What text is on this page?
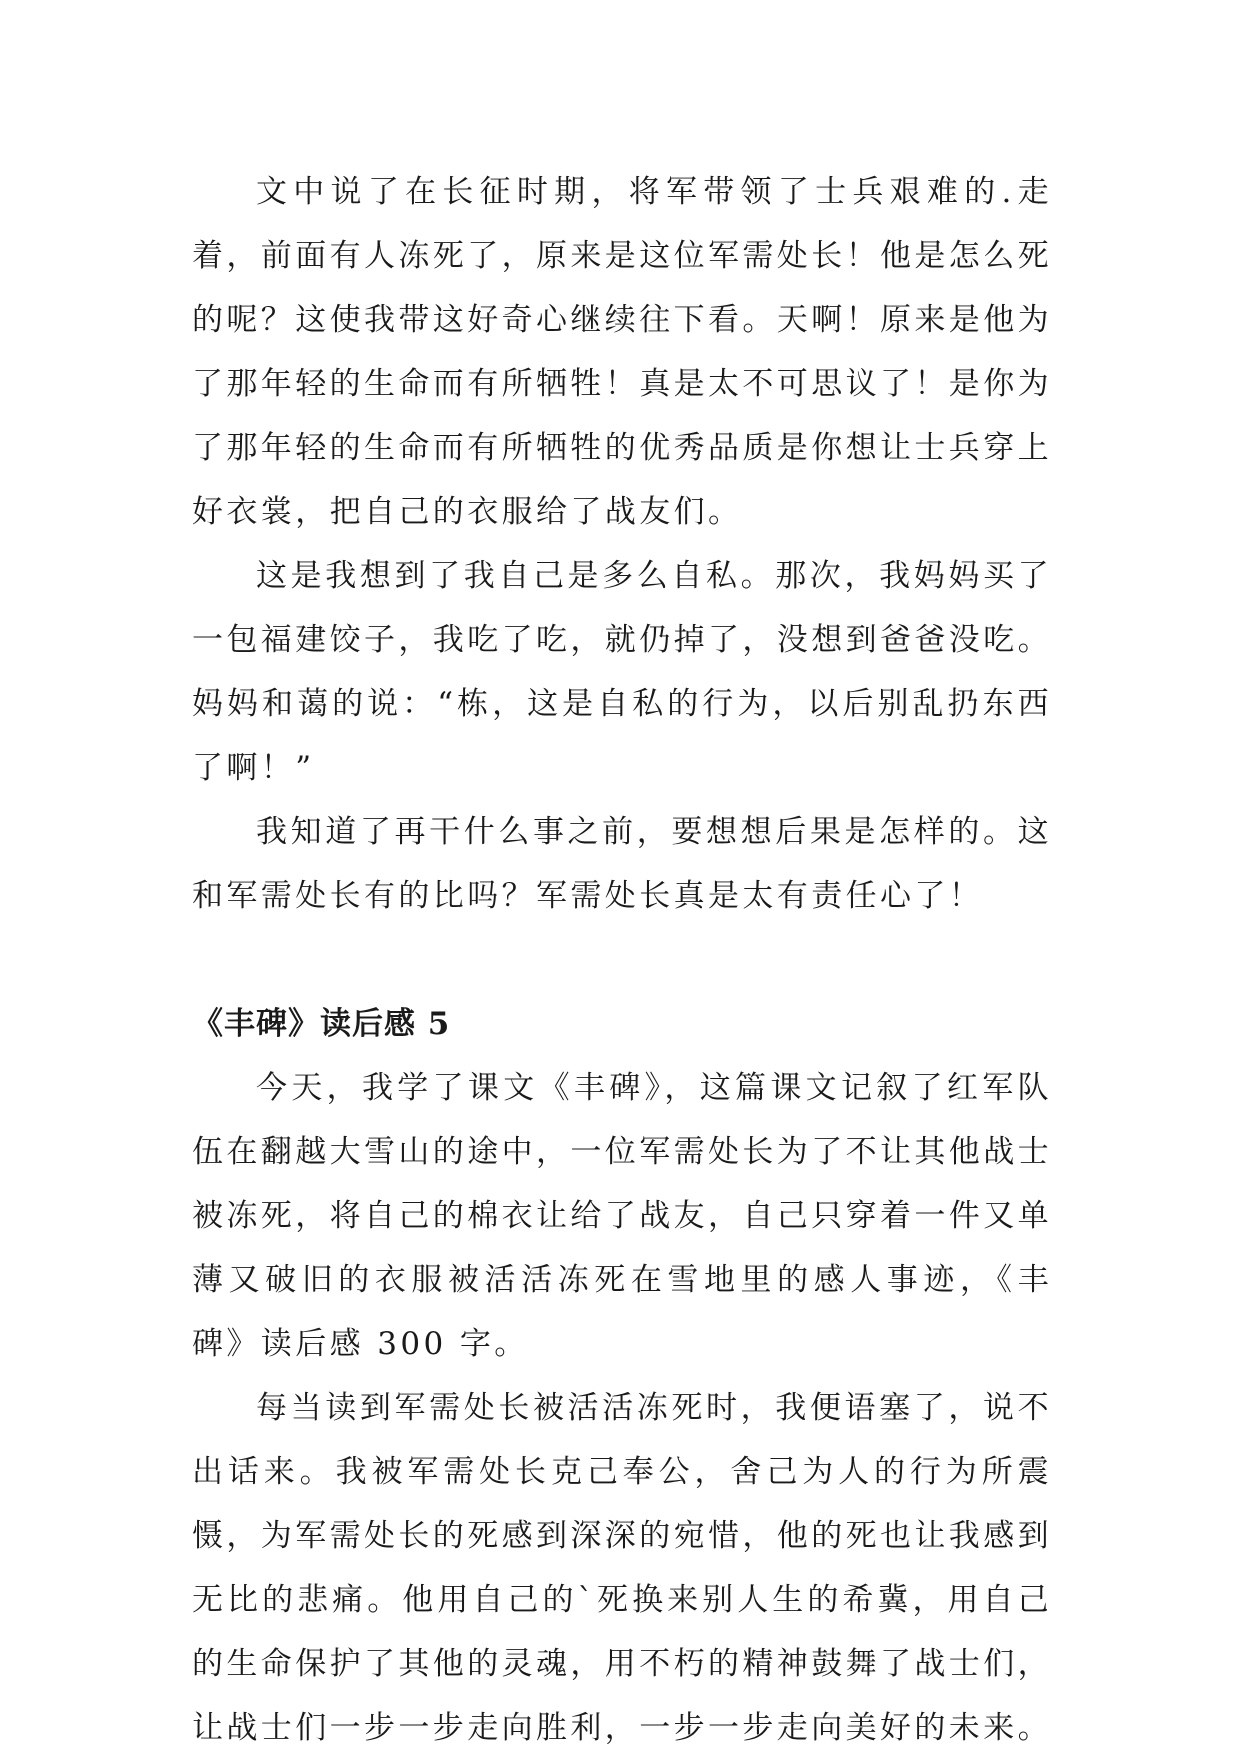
文中说了在长征时期，将军带领了士兵艰难的.走着，前面有人冻死了，原来是这位军需处长！他是怎么死的呢？这使我带这好奇心继续往下看。天啊！原来是他为了那年轻的生命而有所牺牲！真是太不可思议了！是你为了那年轻的生命而有所牺牲的优秀品质是你想让士兵穿上好衣裳，把自己的衣服给了战友们。

这是我想到了我自己是多么自私。那次，我妈妈买了一包福建饺子，我吃了吃，就仍掉了，没想到爸爸没吃。妈妈和蔼的说：“栋，这是自私的行为，以后别乱扔东西了啊！”

我知道了再干什么事之前，要想想后果是怎样的。这和军需处长有的比吗？军需处长真是太有责任心了！

《丰碑》读后感 5

今天，我学了课文《丰碑》，这篇课文记叙了红军队伍在翻越大雪山的途中，一位军需处长为了不让其他战士被冻死，将自己的棉衣让给了战友，自己只穿着一件又单薄又破旧的衣服被活活冻死在雪地里的感人事迹，《丰碑》读后感 300 字。

每当读到军需处长被活活冻死时，我便语塞了，说不出话来。我被军需处长克己奉公，舍己为人的行为所震慑，为军需处长的死感到深深的宛惜，他的死也让我感到无比的悲痛。他用自己的`死换来别人生的希冀，用自己的生命保护了其他的灵魂，用不朽的精神鼓舞了战士们，让战士们一步一步走向胜利，一步一步走向美好的未来。
